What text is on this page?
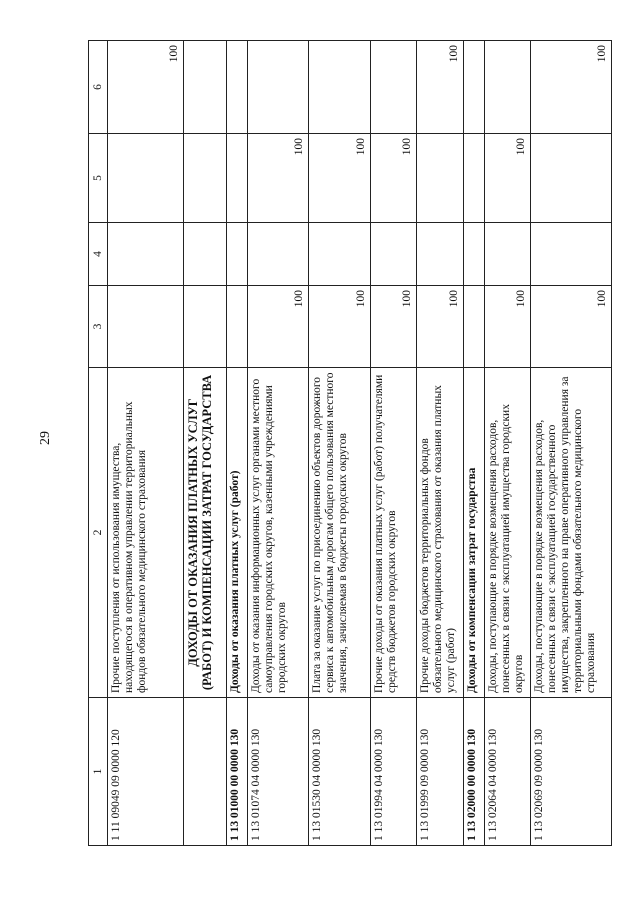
29
1	2	3	4	5	6
1 11 09049 09 0000 120	Прочие поступления от использования имущества, находящегося в оперативном управлении территориальных фондов обязательного медицинского страхования				100
	ДОХОДЫ ОТ ОКАЗАНИЯ ПЛАТНЫХ УСЛУГ (РАБОТ) И КОМПЕНСАЦИИ ЗАТРАТ ГОСУДАРСТВА				
1 13 01000 00 0000 130	Доходы от оказания платных услуг (работ)				
1 13 01074 04 0000 130	Доходы от оказания информационных услуг органами местного самоуправления городских округов, казенными учреждениями городских округов	100		100	
1 13 01530 04 0000 130	Плата за оказание услуг по присоединению объектов дорожного сервиса к автомобильным дорогам общего пользования местного значения, зачисляемая в бюджеты городских округов	100		100	
1 13 01994 04 0000 130	Прочие доходы от оказания платных услуг (работ) получателями средств бюджетов городских округов	100		100	
1 13 01999 09 0000 130	Прочие доходы бюджетов территориальных фондов обязательного медицинского страхования от оказания платных услуг (работ)	100			100
1 13 02000 00 0000 130	Доходы от компенсации затрат государства				
1 13 02064 04 0000 130	Доходы, поступающие в порядке возмещения расходов, понесенных в связи с эксплуатацией имущества городских округов	100		100	
1 13 02069 09 0000 130	Доходы, поступающие в порядке возмещения расходов, понесенных в связи с эксплуатацией государственного имущества, закрепленного на праве оперативного управления за территориальными фондами обязательного медицинского страхования	100			100
